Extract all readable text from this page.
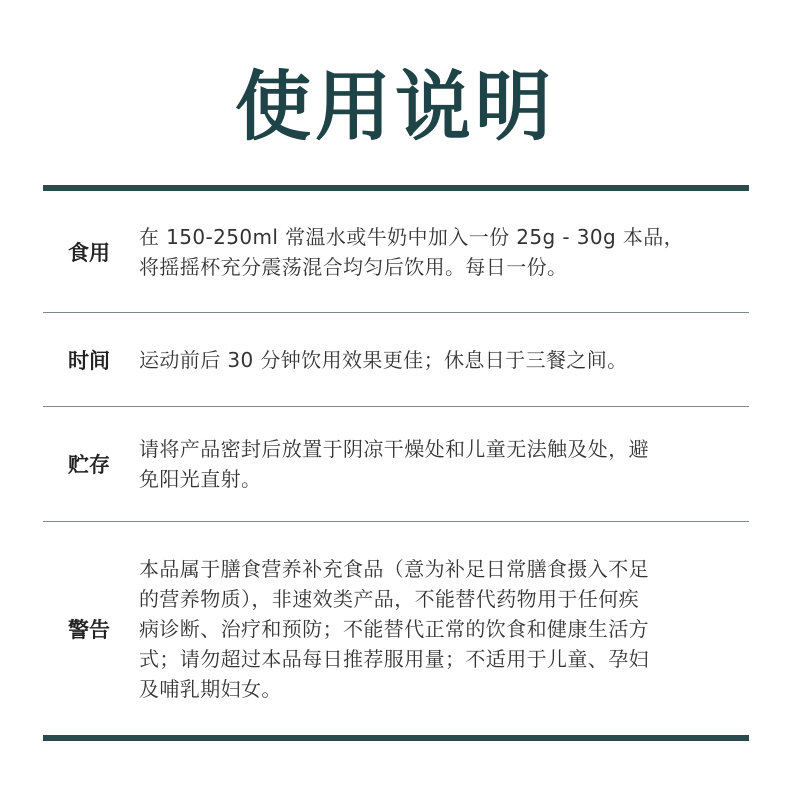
使用说明
食用
在 150-250ml 常温水或牛奶中加入一份 25g - 30g 本品，
将摇摇杯充分震荡混合均匀后饮用。每日一份。
时间	运动前后 30 分钟饮用效果更佳；休息日于三餐之间。
贮存
请将产品密封后放置于阴凉干燥处和儿童无法触及处，避
免阳光直射。
警告
本品属于膳食营养补充食品（意为补足日常膳食摄入不足
的营养物质），非速效类产品，不能替代药物用于任何疾
病诊断、治疗和预防；不能替代正常的饮食和健康生活方
式；请勿超过本品每日推荐服用量；不适用于儿童、孕妇
及哺乳期妇女。
